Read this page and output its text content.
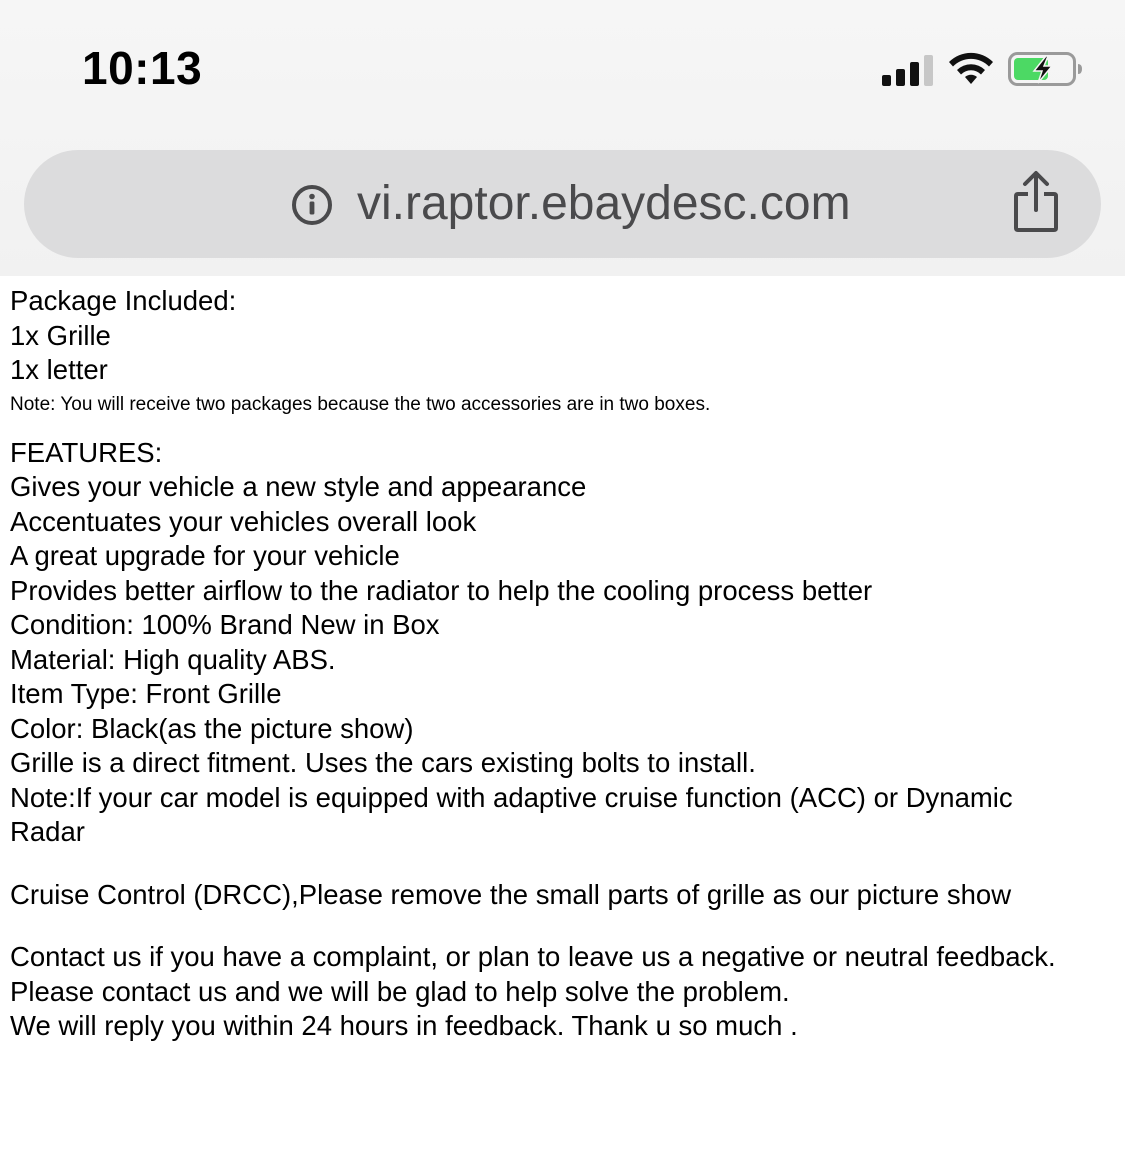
10:13
vi.raptor.ebaydesc.com
Package Included:
1x Grille
1x letter
Note: You will receive two packages because the two accessories are in two boxes.
FEATURES:
Gives your vehicle a new style and appearance
Accentuates your vehicles overall look
A great upgrade for your vehicle
Provides better airflow to the radiator to help the cooling process better
Condition: 100% Brand New in Box
Material: High quality ABS.
Item Type: Front Grille
Color: Black(as the picture show)
Grille is a direct fitment. Uses the cars existing bolts to install.
Note:If your car model is equipped with adaptive cruise function (ACC) or Dynamic
Radar
Cruise Control (DRCC),Please remove the small parts of grille as our picture show
Contact us if you have a complaint, or plan to leave us a negative or neutral feedback.
Please contact us and we will be glad to help solve the problem.
We will reply you within 24 hours in feedback. Thank u so much .
